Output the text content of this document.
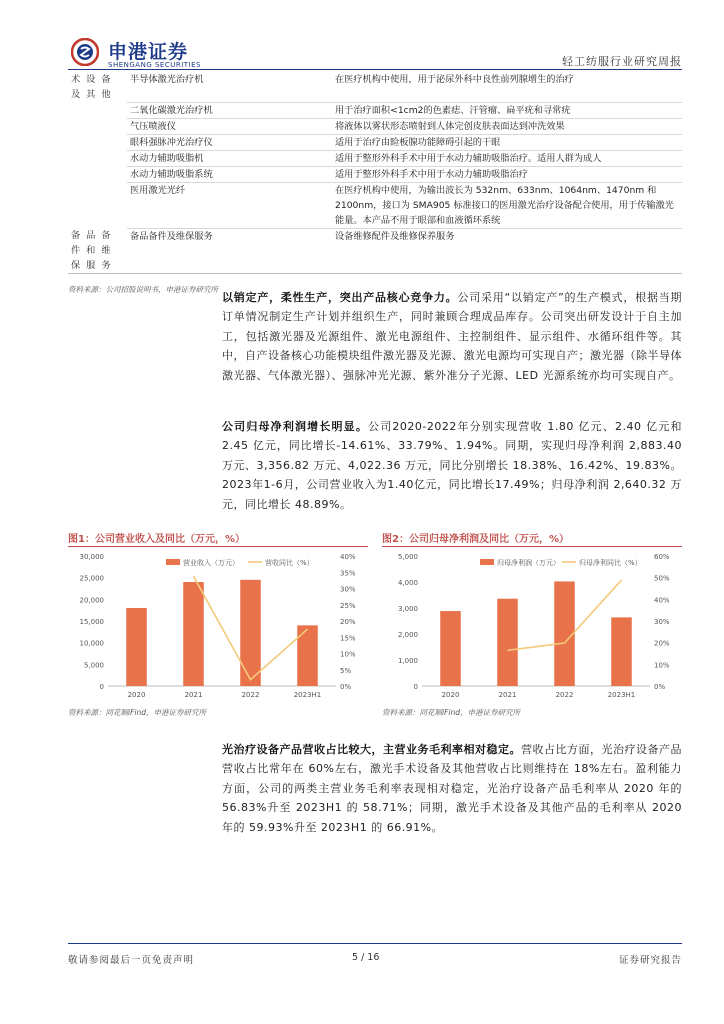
申港证券
SHENGANG SECURITIES	轻工纺服行业研究周报
术设备及其他	半导体激光治疗机	在医疗机构中使用，用于泌尿外科中良性前列腺增生的治疗
	二氧化碳激光治疗机	用于治疗面积<1cm2的色素痣、汗管瘤、扁平疣和寻常疣
	气压喷液仪	将液体以雾状形态喷射到人体完创皮肤表面达到冲洗效果
	眼科强脉冲光治疗仪	适用于治疗由睑板腺功能障碍引起的干眼
	水动力辅助吸脂机	适用于整形外科手术中用于水动力辅助吸脂治疗。适用人群为成人
	水动力辅助吸脂系统	适用于整形外科手术中用于水动力辅助吸脂治疗
	医用激光光纤	在医疗机构中使用，为输出波长为 532nm、633nm、1064nm、1470nm 和 2100nm，接口为 SMA905 标准接口的医用激光治疗设备配合使用，用于传输激光能量。本产品不用于眼部和血液循环系统
备品备件和维保服务	备品备件及维保服务	设备维修配件及维修保养服务
资料来源：公司招股说明书，申港证券研究所
以销定产，柔性生产，突出产品核心竞争力。公司采用“以销定产”的生产模式，根据当期订单情况制定生产计划并组织生产，同时兼顾合理成品库存。公司突出研发设计于自主加工，包括激光器及光源组件、激光电源组件、主控制组件、显示组件、水循环组件等。其中，自产设备核心功能模块组件激光器及光源、激光电源均可实现自产；激光器（除半导体激光器、气体激光器）、强脉冲光光源、紫外准分子光源、LED 光源系统亦均可实现自产。
公司归母净利润增长明显。公司2020-2022年分别实现营收 1.80 亿元、2.40 亿元和 2.45 亿元，同比增长-14.61%、33.79%、1.94%。同期，实现归母净利润 2,883.40 万元、3,356.82 万元、4,022.36 万元，同比分别增长 18.38%、16.42%、19.83%。2023年1-6月，公司营业收入为1.40亿元，同比增长17.49%；归母净利润 2,640.32 万元，同比增长 48.89%。
图1：公司营业收入及同比（万元，%）
0
5,000
10,000
15,000
20,000
25,000
30,000
0%
5%
10%
15%
20%
25%
30%
35%
40%
2020	2021	2022	2023H1
营业收入（万元）	营收同比（%）
资料来源：同花顺iFind，申港证券研究所
图2：公司归母净利润及同比（万元，%）
0
1,000
2,000
3,000
4,000
5,000
0%
10%
20%
30%
40%
50%
60%
2020	2021	2022	2023H1
归母净利润（万元）	归母净利同比（%）
资料来源：同花顺iFind，申港证券研究所
光治疗设备产品营收占比较大，主营业务毛利率相对稳定。营收占比方面，光治疗设备产品营收占比常年在 60%左右，激光手术设备及其他营收占比则维持在 18%左右。盈利能力方面，公司的两类主营业务毛利率表现相对稳定，光治疗设备产品毛利率从 2020 年的 56.83%升至 2023H1 的 58.71%；同期，激光手术设备及其他产品的毛利率从 2020 年的 59.93%升至 2023H1 的 66.91%。
敬请参阅最后一页免责声明	5 / 16	证券研究报告
